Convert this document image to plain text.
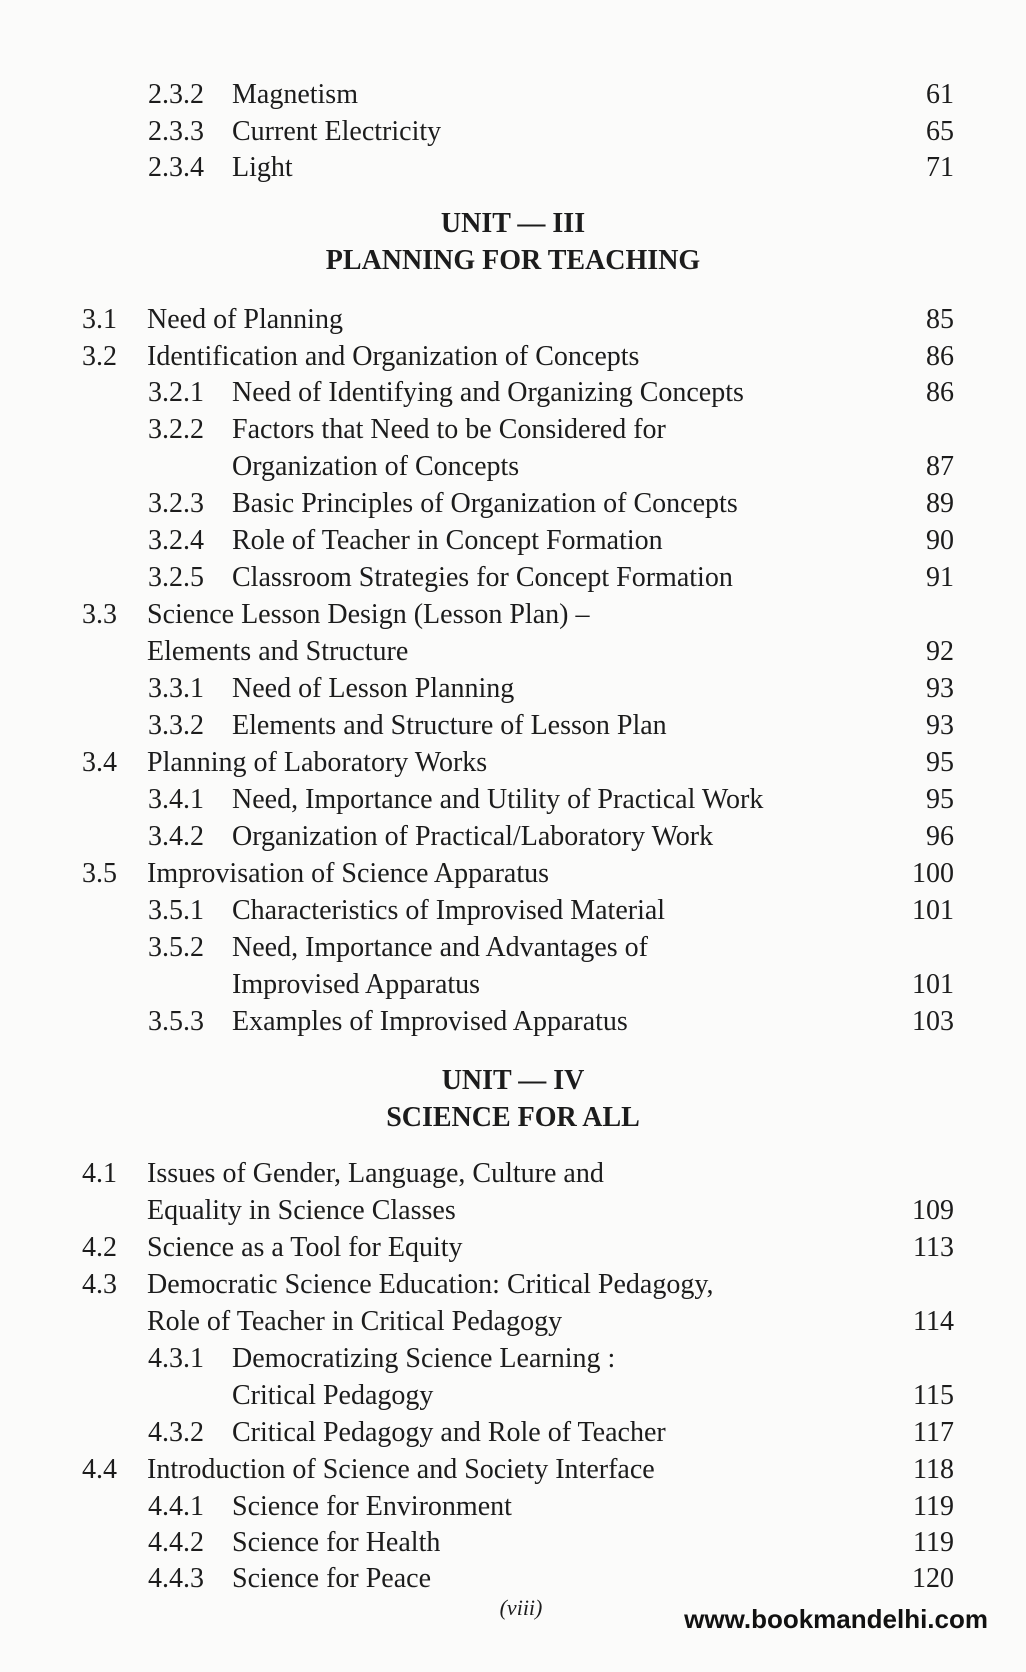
2.3.2 Magnetism	61
2.3.3 Current Electricity	65
2.3.4 Light	71
UNIT — III
PLANNING FOR TEACHING
3.1 Need of Planning	85
3.2 Identification and Organization of Concepts	86
3.2.1 Need of Identifying and Organizing Concepts	86
3.2.2 Factors that Need to be Considered for
Organization of Concepts	87
3.2.3 Basic Principles of Organization of Concepts	89
3.2.4 Role of Teacher in Concept Formation	90
3.2.5 Classroom Strategies for Concept Formation	91
3.3 Science Lesson Design (Lesson Plan) –
Elements and Structure	92
3.3.1 Need of Lesson Planning	93
3.3.2 Elements and Structure of Lesson Plan	93
3.4 Planning of Laboratory Works	95
3.4.1 Need, Importance and Utility of Practical Work	95
3.4.2 Organization of Practical/Laboratory Work	96
3.5 Improvisation of Science Apparatus	100
3.5.1 Characteristics of Improvised Material	101
3.5.2 Need, Importance and Advantages of
Improvised Apparatus	101
3.5.3 Examples of Improvised Apparatus	103
UNIT — IV
SCIENCE FOR ALL
4.1 Issues of Gender, Language, Culture and
Equality in Science Classes	109
4.2 Science as a Tool for Equity	113
4.3 Democratic Science Education: Critical Pedagogy,
Role of Teacher in Critical Pedagogy	114
4.3.1 Democratizing Science Learning :
Critical Pedagogy	115
4.3.2 Critical Pedagogy and Role of Teacher	117
4.4 Introduction of Science and Society Interface	118
4.4.1 Science for Environment	119
4.4.2 Science for Health	119
4.4.3 Science for Peace	120
(viii)	www.bookmandelhi.com
